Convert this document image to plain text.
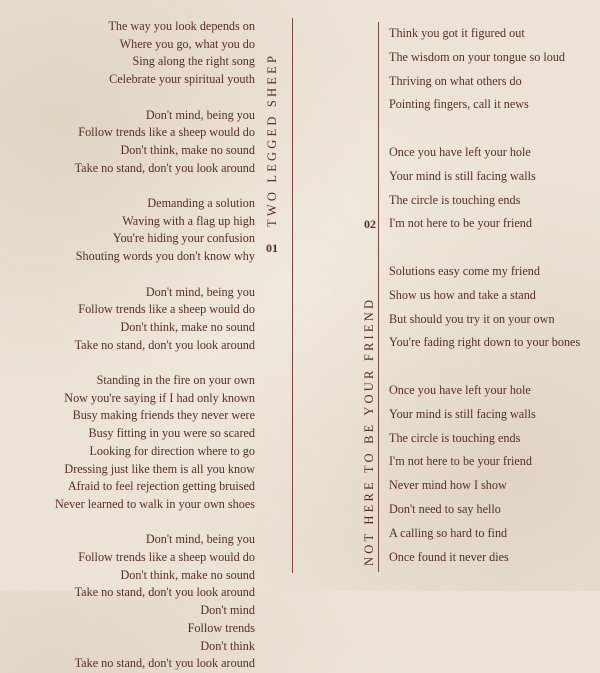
The way you look depends on
Where you go, what you do
Sing along the right song
Celebrate your spiritual youth
Don't mind, being you
Follow trends like a sheep would do
Don't think, make no sound
Take no stand, don't you look around
Demanding a solution
Waving with a flag up high
You're hiding your confusion
Shouting words you don't know why
Don't mind, being you
Follow trends like a sheep would do
Don't think, make no sound
Take no stand, don't you look around
Standing in the fire on your own
Now you're saying if I had only known
Busy making friends they never were
Busy fitting in you were so scared
Looking for direction where to go
Dressing just like them is all you know
Afraid to feel rejection getting bruised
Never learned to walk in your own shoes
Don't mind, being you
Follow trends like a sheep would do
Don't think, make no sound
Take no stand, don't you look around
Don't mind
Follow trends
Don't think
Take no stand, don't you look around
TWO LEGGED SHEEP
01
NOT HERE TO BE YOUR FRIEND
02
Think you got it figured out
The wisdom on your tongue so loud
Thriving on what others do
Pointing fingers, call it news
Once you have left your hole
Your mind is still facing walls
The circle is touching ends
I'm not here to be your friend
Solutions easy come my friend
Show us how and take a stand
But should you try it on your own
You're fading right down to your bones
Once you have left your hole
Your mind is still facing walls
The circle is touching ends
I'm not here to be your friend
Never mind how I show
Don't need to say hello
A calling so hard to find
Once found it never dies
